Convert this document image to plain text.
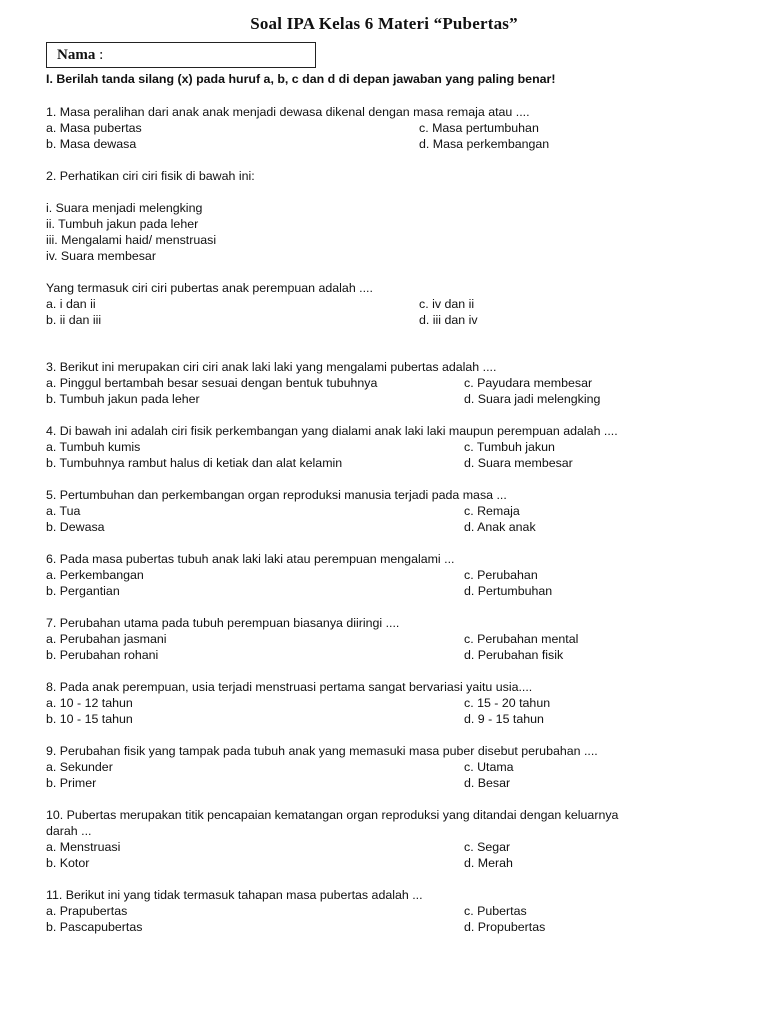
Soal IPA Kelas 6 Materi “Pubertas”
Nama :
I. Berilah tanda silang (x) pada huruf a, b, c dan d di depan jawaban yang paling benar!
1. Masa peralihan dari anak anak menjadi dewasa dikenal dengan masa remaja atau ....
a. Masa pubertas	c. Masa pertumbuhan
b. Masa dewasa	d. Masa perkembangan
2. Perhatikan ciri ciri fisik di bawah ini:
i. Suara menjadi melengking
ii. Tumbuh jakun pada leher
iii. Mengalami haid/ menstruasi
iv. Suara membesar
Yang termasuk ciri ciri pubertas anak perempuan adalah ....
a. i dan ii	c. iv dan ii
b. ii dan iii	d. iii dan iv
3. Berikut ini merupakan ciri ciri anak laki laki yang mengalami pubertas adalah ....
a. Pinggul bertambah besar sesuai dengan bentuk tubuhnya	c. Payudara membesar
b. Tumbuh jakun pada leher	d. Suara jadi melengking
4. Di bawah ini adalah ciri fisik perkembangan yang dialami anak laki laki maupun perempuan adalah ....
a. Tumbuh kumis	c. Tumbuh jakun
b. Tumbuhnya rambut halus di ketiak dan alat kelamin	d. Suara membesar
5. Pertumbuhan dan perkembangan organ reproduksi manusia terjadi pada masa ...
a. Tua	c. Remaja
b. Dewasa	d. Anak anak
6. Pada masa pubertas tubuh anak laki laki atau perempuan mengalami ...
a. Perkembangan	c. Perubahan
b. Pergantian	d. Pertumbuhan
7. Perubahan utama pada tubuh perempuan biasanya diiringi ....
a. Perubahan jasmani	c. Perubahan mental
b. Perubahan rohani	d. Perubahan fisik
8. Pada anak perempuan, usia terjadi menstruasi pertama sangat bervariasi yaitu usia....
a. 10 - 12 tahun	c. 15 - 20 tahun
b. 10 - 15 tahun	d. 9 - 15 tahun
9. Perubahan fisik yang tampak pada tubuh anak yang memasuki masa puber disebut perubahan ....
a. Sekunder	c. Utama
b. Primer	d. Besar
10. Pubertas merupakan titik pencapaian kematangan organ reproduksi yang ditandai dengan keluarnya
darah ...
a. Menstruasi	c. Segar
b. Kotor	d. Merah
11. Berikut ini yang tidak termasuk tahapan masa pubertas adalah ...
a. Prapubertas	c. Pubertas
b. Pascapubertas	d. Propubertas
